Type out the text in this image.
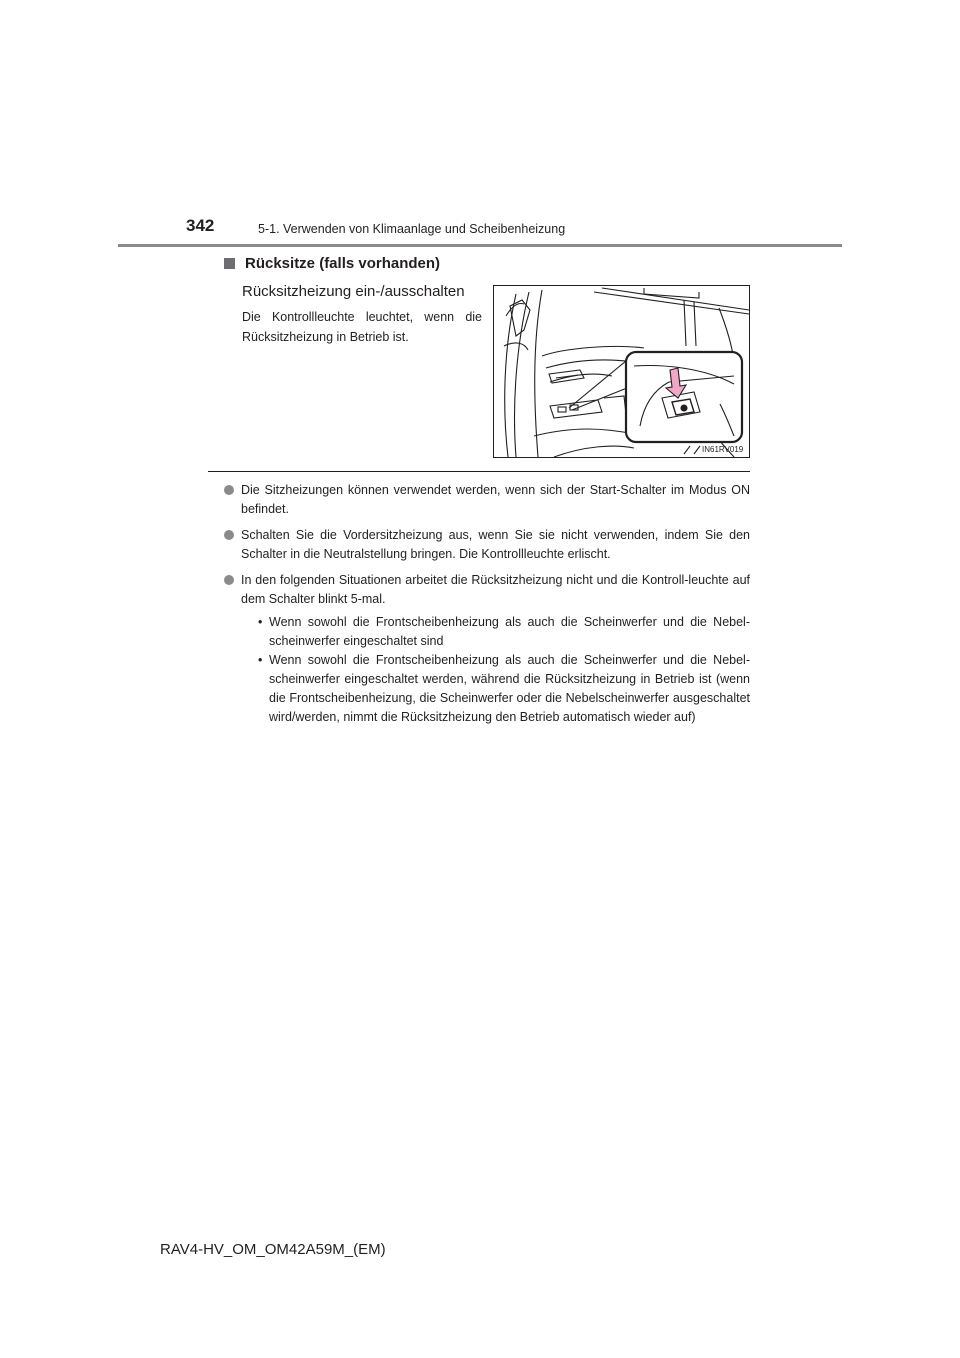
342	5-1. Verwenden von Klimaanlage und Scheibenheizung
Rücksitze (falls vorhanden)
Rücksitzheizung ein-/ausschalten
Die Kontrollleuchte leuchtet, wenn die Rücksitzheizung in Betrieb ist.
IN61RV019
Die Sitzheizungen können verwendet werden, wenn sich der Start-Schalter im Modus ON befindet.
Schalten Sie die Vordersitzheizung aus, wenn Sie sie nicht verwenden, indem Sie den Schalter in die Neutralstellung bringen. Die Kontrollleuchte erlischt.
In den folgenden Situationen arbeitet die Rücksitzheizung nicht und die Kontroll-leuchte auf dem Schalter blinkt 5-mal.
• Wenn sowohl die Frontscheibenheizung als auch die Scheinwerfer und die Nebel-scheinwerfer eingeschaltet sind
• Wenn sowohl die Frontscheibenheizung als auch die Scheinwerfer und die Nebel-scheinwerfer eingeschaltet werden, während die Rücksitzheizung in Betrieb ist (wenn die Frontscheibenheizung, die Scheinwerfer oder die Nebelscheinwerfer ausgeschaltet wird/werden, nimmt die Rücksitzheizung den Betrieb automatisch wieder auf)
RAV4-HV_OM_OM42A59M_(EM)
